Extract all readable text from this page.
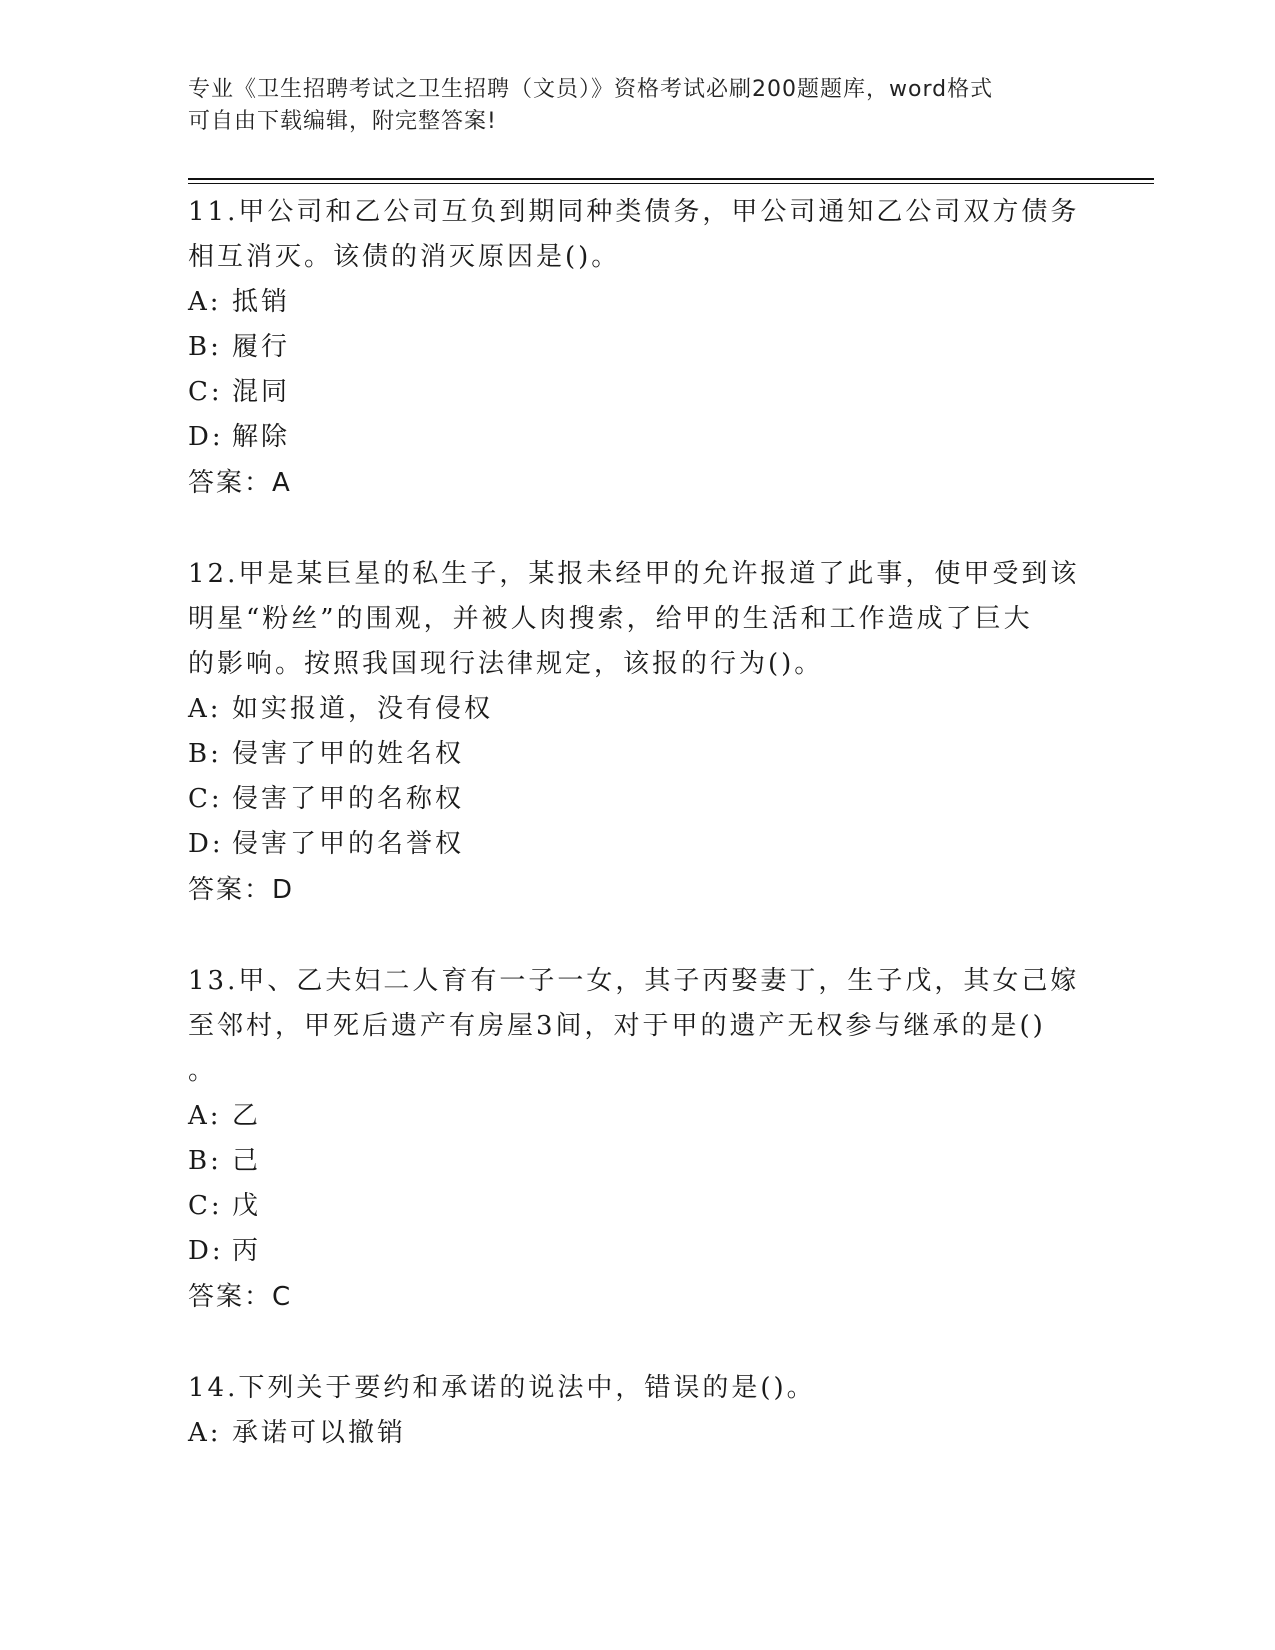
专业《卫生招聘考试之卫生招聘（文员）》资格考试必刷200题题库，word格式
可自由下载编辑，附完整答案!
11.甲公司和乙公司互负到期同种类债务，甲公司通知乙公司双方债务
相互消灭。该债的消灭原因是()。
A: 抵销
B: 履行
C: 混同
D: 解除
答案：A
12.甲是某巨星的私生子，某报未经甲的允许报道了此事，使甲受到该
明星“粉丝”的围观，并被人肉搜索，给甲的生活和工作造成了巨大
的影响。按照我国现行法律规定，该报的行为()。
A: 如实报道，没有侵权
B: 侵害了甲的姓名权
C: 侵害了甲的名称权
D: 侵害了甲的名誉权
答案：D
13.甲、乙夫妇二人育有一子一女，其子丙娶妻丁，生子戊，其女己嫁
至邻村，甲死后遗产有房屋3间，对于甲的遗产无权参与继承的是()
。
A: 乙
B: 己
C: 戊
D: 丙
答案：C
14.下列关于要约和承诺的说法中，错误的是()。
A: 承诺可以撤销
